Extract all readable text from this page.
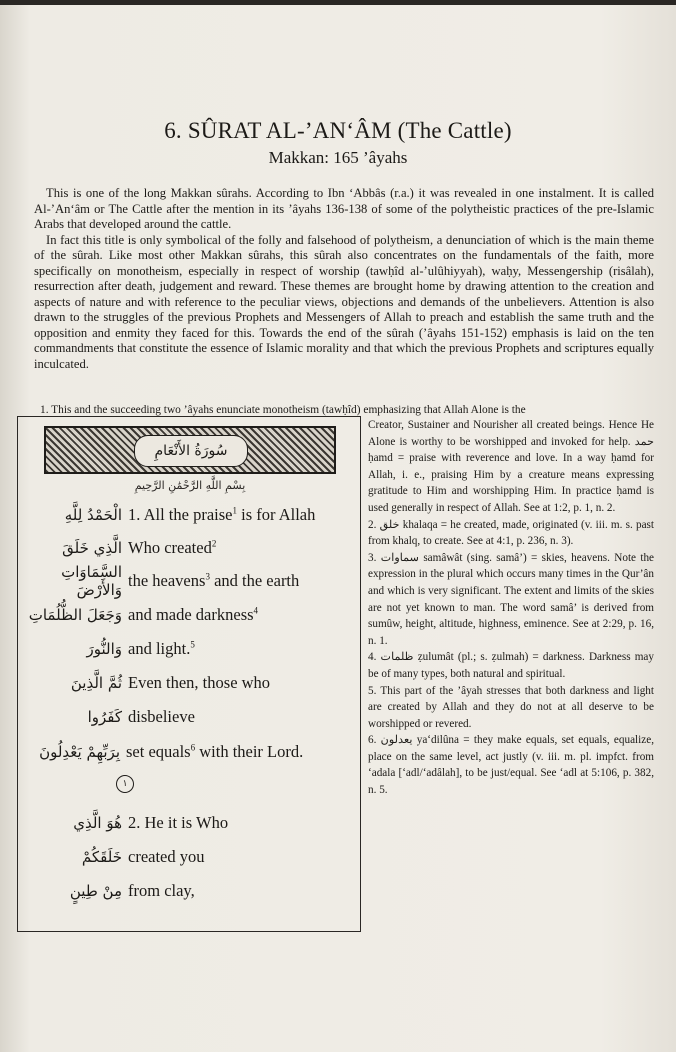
6. SÛRAT AL-’AN‘ÂM (The Cattle)
Makkan: 165 ’âyahs

This is one of the long Makkan sûrahs. According to Ibn ‘Abbâs (r.a.) it was revealed in one instalment. It is called Al-’An‘âm or The Cattle after the mention in its ’âyahs 136-138 of some of the polytheistic practices of the pre-Islamic Arabs that developed around the cattle.

In fact this title is only symbolical of the folly and falsehood of polytheism, a denunciation of which is the main theme of the sûrah. Like most other Makkan sûrahs, this sûrah also concentrates on the fundamentals of the faith, more specifically on monotheism, especially in respect of worship (tawḥîd al-’ulûhiyyah), waḥy, Messengership (risâlah), resurrection after death, judgement and reward. These themes are brought home by drawing attention to the creation and aspects of nature and with reference to the peculiar views, objections and demands of the unbelievers. Attention is also drawn to the struggles of the previous Prophets and Messengers of Allah to preach and establish the same truth and the opposition and enmity they faced for this. Towards the end of the sûrah (’âyahs 151-152) emphasis is laid on the ten commandments that constitute the essence of Islamic morality and that which the previous Prophets and scriptures equally inculcated.

1. This and the succeeding two ’âyahs enunciate monotheism (tawḥîd) emphasizing that Allah Alone is the
سُورَةُ الأَنْعَامِ
بِسْمِ اللَّهِ الرَّحْمَٰنِ الرَّحِيمِ
الْحَمْدُ لِلَّهِ 1. All the praise$^1$ is for Allah
الَّذِي خَلَقَ Who created$^2$
السَّمَاوَاتِ وَالأَرْضَ the heavens$^3$ and the earth
وَجَعَلَ الظُّلُمَاتِ and made darkness$^4$
وَالنُّورَ and light.$^5$
ثُمَّ الَّذِينَ Even then, those who
كَفَرُوا disbelieve
بِرَبِّهِمْ يَعْدِلُونَ set equals$^6$ with their Lord.
١
هُوَ الَّذِي 2. He it is Who
خَلَقَكُمْ created you
مِنْ طِينٍ from clay,

Creator, Sustainer and Nourisher all created beings. Hence He Alone is worthy to be worshipped and invoked for help. حمد ḥamd = praise with reverence and love. In a way ḥamd for Allah, i. e., praising Him by a creature means expressing gratitude to Him and worshipping Him. In practice ḥamd is used generally in respect of Allah. See at 1:2, p. 1, n. 2.

2. خلق khalaqa = he created, made, originated (v. iii. m. s. past from khalq, to create. See at 4:1, p. 236, n. 3).

3. سماوات samâwât (sing. samâ’) = skies, heavens. Note the expression in the plural which occurs many times in the Qur’ân and which is very significant. The extent and limits of the skies are not yet known to man. The word samâ’ is derived from sumûw, height, altitude, highness, eminence. See at 2:29, p. 16, n. 1.

4. ظلمات ẓulumât (pl.; s. ẓulmah) = darkness. Darkness may be of many types, both natural and spiritual.

5. This part of the ’âyah stresses that both darkness and light are created by Allah and they do not at all deserve to be worshipped or revered.

6. يعدلون ya‘dilûna = they make equals, set equals, equalize, place on the same level, act justly (v. iii. m. pl. impfct. from ‘adala [‘adl/‘adâlah], to be just/equal. See ‘adl at 5:106, p. 382, n. 5.
